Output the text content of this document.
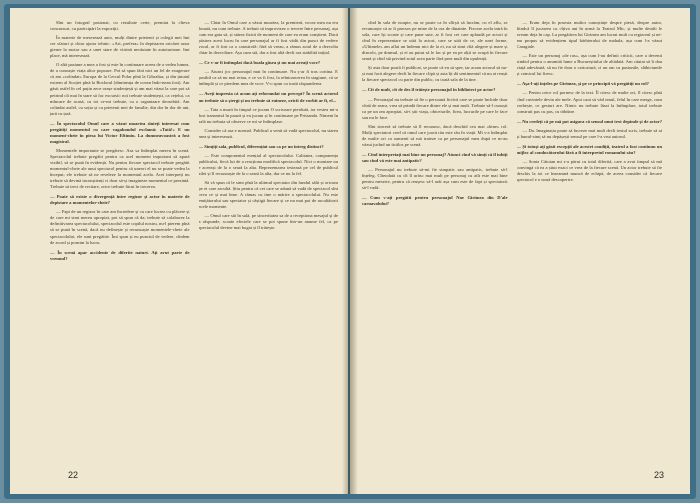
Sînt un fotograf pasionat, cu rezultate certe, premiat la cîteva concursuri, cu participări la expoziții.

În materie de meserează auto, mulți dintre prietenii și colegii mei îmi cer sfaturi și chiar ajutor tehnic: «Art, prefera» în depistarea oricărei unor gierne la motor sau a unei stare de vitrină necăutate în autoturisme. Imi place, mă interesează.

O altă pasiune a mea a fost și este în continuare aceea de a vedea lumea, de a cunoaște viața altor popoare. Pot să spun fără nici un fel de exagerare că am «colindat» Europa de la Cercul Polar pînă la Gibraltar, și din ținutul extrem al Scoției pînă la Bosforul (dimineața de ocean Indo-nean fost). Am găsit astfel în cel puțin zece orașe studențești și am mai văzut la care pot să petrind cît mai în stare să fac excursii: noi trebuie studențești, ca cețelui, ca mîncare de acasă, cu tot ce-mi trebuie, cu o organizare deosebită. Am colindat astfel, cu soția și cu prietenii mei de familie, din dor în dor de ani, țară cu țară.

— În spectacolul Omul care a văzut moartea sînteți interesat cum pregătiți momentul cu care vagabondul exclamă: «Tată!» E un moment-cheie în piesa lui Victor Eftimiu. La dumneavoastră a fost magistral.

Momentele importante se pregătesc. Asa sa întîmplat mereu în scenă. Spectacolul trebuie pregătit pentru ca acel moment important să apară vizibil, să se pună în evidență. Nu pentru fiecare spectacol trebuie pregătit momentul-cheie ale unui spectacol pentru că uneori el nu se poate vedea la început; ele trebuie să ne reveleze la momentul acela. Acei interpreți nu trebuie să devină inconștienți ci doar să-și imagineze momentul ce prezintă. Trebuie să treci de recitare, orice trebuie făcut în trecerea.

— Poate să existe o divergență între regizor și actor în materie de depistare a momentelor-cheie?

— Fapt de un regizor în care am încredere și cu care lucrez cu plăcere și de care mi simt mereu apropiat, pot să spun că da; trebuie să colaborez la definitivarea spectacolului, spectacolul este copilul nostru, nu-l pierem pînă să se pună în scenă, dacă nu definește și recunoaște momentele-cheie ale spectacolului, ele sunt pregătite. Îmi spun și eu punctul de vedere, cîndem de acord și pornim la lucru.

— În scenă apar accidente de diferite naturi. Ați avut parte de vreunul?

— Chiar în Omul care a văzut moartea, la premieră, vocea mea nu era fonată, nu cum trebuie. A trebuit să improvizez o trecere între personaj, așa cum era gata să, și stărea fizică de moment de care eu eram conștient. Dacă păstrez acest lucru în care personajul ar fi fost vădit din punct de vedere vocal, ar fi fost ca o catastrofă: fără să vreau, a rămas actul de a dezvolta chiar în dezvoltare. Așa cum stă, dar a fost altă decît ora stabilită inițial.

— Ce v-ar fi întîmplat dacă boala găsea și nu mai aveați voce?

— Atunci joc personajul mut în continuare. Nu ș-ar fi tras cortina. E posibil ca să nu mai reiau, e ce va fi fost, la reîntoarcerea în stagiune, că se întîmplă și ce pierdem mea de voce. V-o spun cu toată răspunderea.

— Aveți impresia că acum ați reformulat un precept? În scenă actorul nu trebuie să o ștergi și nu trebuie să ruineze, oricît de vorbit ar fi, el...

— Tata a murit în timpul ce jucam O scrisoare pierdută, iar vestea mi-a fost transmisă în pauză și eu jucam și în continuare pe Pristanda. Nimeni în sală nu trebuia să observe ce mi se întîmplase.

Consider că asa e normal. Publicul a venit să vadă spectacolul, nu starea mea și interesează.

— Simțiți sala, publicul, diferențiat sau ca pe un întreg distinct?

— Este componentul esențial al spectacolului. Calitatea, componența publicului, fiecă lui de a reacționa modifică spectacolul. Nici o montare nu e aceeași de la o seară la alta. Reprezentarea testează pe cel de publicul zilei și îl recunoaște de la o seară la alta, dar ce nu la fel.

Să vă spun că le simt pînă la ultimul spectator din fundul sălii și oricum pe ei care ascultă. Știu pentru că cei care se adună să vadă de spectacol sînt ceva ce și mai bine. A rămas cu tine o mărire a spectacolului. Nu este emițătorului sau spectator și câștigă fiecare și ce nu mai pot de ascultătorii acele momente.

— Omul care stă în sală, pe sinceritatea sa de a receptiona mesajul și de a răspunde, scoate efectele care se pot spune într-un anume fel, ca pe spectacolul devine mai bogat și îl trăiește.

22

cînd în sala de noapte, nu se poate ca în sfîrșit să lucrăm, cu el aflu, se recunoaște că ar fi parcurs pe mine de la ora de dinainte. Fiecare acela intră în sala, care își scoate și care pune sute, ar fi fost cei care aplaudă pe actori și cînd în reprezentare se uită la actori, care se uită de ce, ale unei forme, «Ultimele» am aflat un îndemn nici de la ei, nu să simt cîtă alegere și mare și dincolo, pe drumul, și ei au putut să le fac și pe ea pe alții se ocupă în fiecare seară și cînd stă privind actul acea parte fără prea mult din opulență.

Și asta doar poată fi publicat, se poate că eu să sper, iar acum actorul să nu-și mai facă alegere decît în fiecare clipă și asta îți dă sentimentul că nu ai reușit la fiecare spectacol cu parte din public, cu toată sala de la tine.

— Cît de mult, cît de des îl trăiește personajul în biblioteci pe actor?

— Personajul nu trebuie să fie o persoană fictivă care se poate închide doar cîntă de seara, vrea să prindă fiecare dintre ele și mai mult. Trebuie să-l cunoști ca pe un om apropiat, să-i știi viața, obiceiurile, firea, lucrurile pe care le face sau nu le face.

Sînt sinceră să trebuie să îl recunosc, dacă deschid cea mai «bine» rol. Mulți spectatori cred că omul care joacă rău este rău în viață. Mi s-a întîmplat de multe ori ca oamenii să mă trateze ca pe personajul meu după ce m-au văzut jucînd un ticălos pe scenă.

— Cînd interpretați mai bine un personaj? Atunci cînd vă simți că îl iubiți sau cînd vă este mai antipatic?

— Personajul nu trebuie să-mi fie simpatic sau antipatic, trebuie să-l înțeleg. Cîteodată cu cît îl urăsc mai mult pe personaj cu atît este mai bine pentru meserie, pentru că reușesc să-l arăt așa cum este de fapt și spectatorii să-l vadă.

— Cum v-ați pregătit pentru personajul Nae Girimea din D'ale carnavalului?

— Eram deja în posesia multor cunoștințe despre piesă, despre autor, fiindcă îl jucasem cu cîțiva ani în urmă la Teatrul Mic, și multe detalii le aveam deja în cap. La pregătirea lui Girimea am lucrat mult cu regizorul și ne-am propus să evidențiem tipul bărbierului de mahala, așa cum l-a văzut Caragiale.

— Este un personaj «de ras», așa cum l-au definit criticii, care a devenit simbol pentru o anumită lume a Bucureștiului de altădată. Am căutat să îi dau viață adevărată, să nu fie doar o caricatură, ci un om cu pasiunile, slăbiciunile și comicul lui firesc.

— Așa-l-ați înțeles pe Girimea, și pe ce principii vă pregătiți un rol?

— Pentru orice rol pornesc de la text. Îl citesc de multe ori, îl citesc pînă cînd cuvintele devin ale mele. Apoi caut să văd omul, felul în care merge, cum vorbește, ce gesturi are. Nimic nu trebuie lăsat la întîmplare, totul trebuie construit pas cu pas, cu răbdare.

— Nu credeți că pe mă pot asigura că sensul unui text depinde și de actor?

— Da. Imaginația poate să lucreze mai mult decît textul scris, trebuie să ai și bunul-simț să nu depășești sensul pe care l-a vrut autorul.

— Și totuși ați găsit excepții ale acestei condiții, teatrul a fost continuu un mijloc al conducătorului fără a fi interpretul romanului său?

— Sonia Cătoian mi s-a părut cu totul diferită, care a avut timpul să mă convingă că ea a știut exact ce vrea de la fiecare scenă. Un actor trebuie să fie deschis la tot ce înseamnă muncă de echipă, de aceea consider că fiecare spectacol e o nouă descoperire.

23
